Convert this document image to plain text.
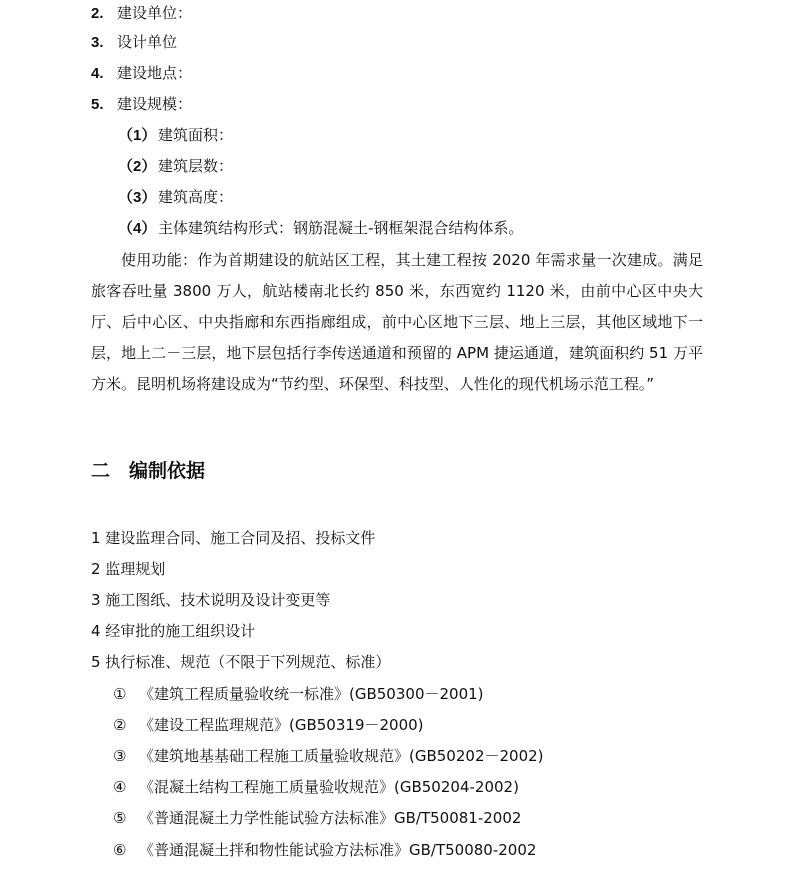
2. 建设单位：
3. 设计单位
4. 建设地点：
5. 建设规模：
（1） 建筑面积：
（2） 建筑层数：
（3） 建筑高度：
（4） 主体建筑结构形式：钢筋混凝土-钢框架混合结构体系。

使用功能：作为首期建设的航站区工程，其土建工程按 2020 年需求量一次建成。满足旅客吞吐量 3800 万人，航站楼南北长约 850 米，东西宽约 1120 米，由前中心区中央大厅、后中心区、中央指廊和东西指廊组成，前中心区地下三层、地上三层，其他区域地下一层，地上二－三层，地下层包括行李传送通道和预留的 APM 捷运通道，建筑面积约 51 万平方米。昆明机场将建设成为“节约型、环保型、科技型、人性化的现代机场示范工程。”

二　编制依据
1 建设监理合同、施工合同及招、投标文件
2 监理规划
3 施工图纸、技术说明及设计变更等
4 经审批的施工组织设计
5 执行标准、规范（不限于下列规范、标准）
① 《建筑工程质量验收统一标准》(GB50300－2001)
② 《建设工程监理规范》(GB50319－2000)
③ 《建筑地基基础工程施工质量验收规范》(GB50202－2002)
④ 《混凝土结构工程施工质量验收规范》(GB50204-2002)
⑤ 《普通混凝土力学性能试验方法标准》GB/T50081-2002
⑥ 《普通混凝土拌和物性能试验方法标准》GB/T50080-2002
